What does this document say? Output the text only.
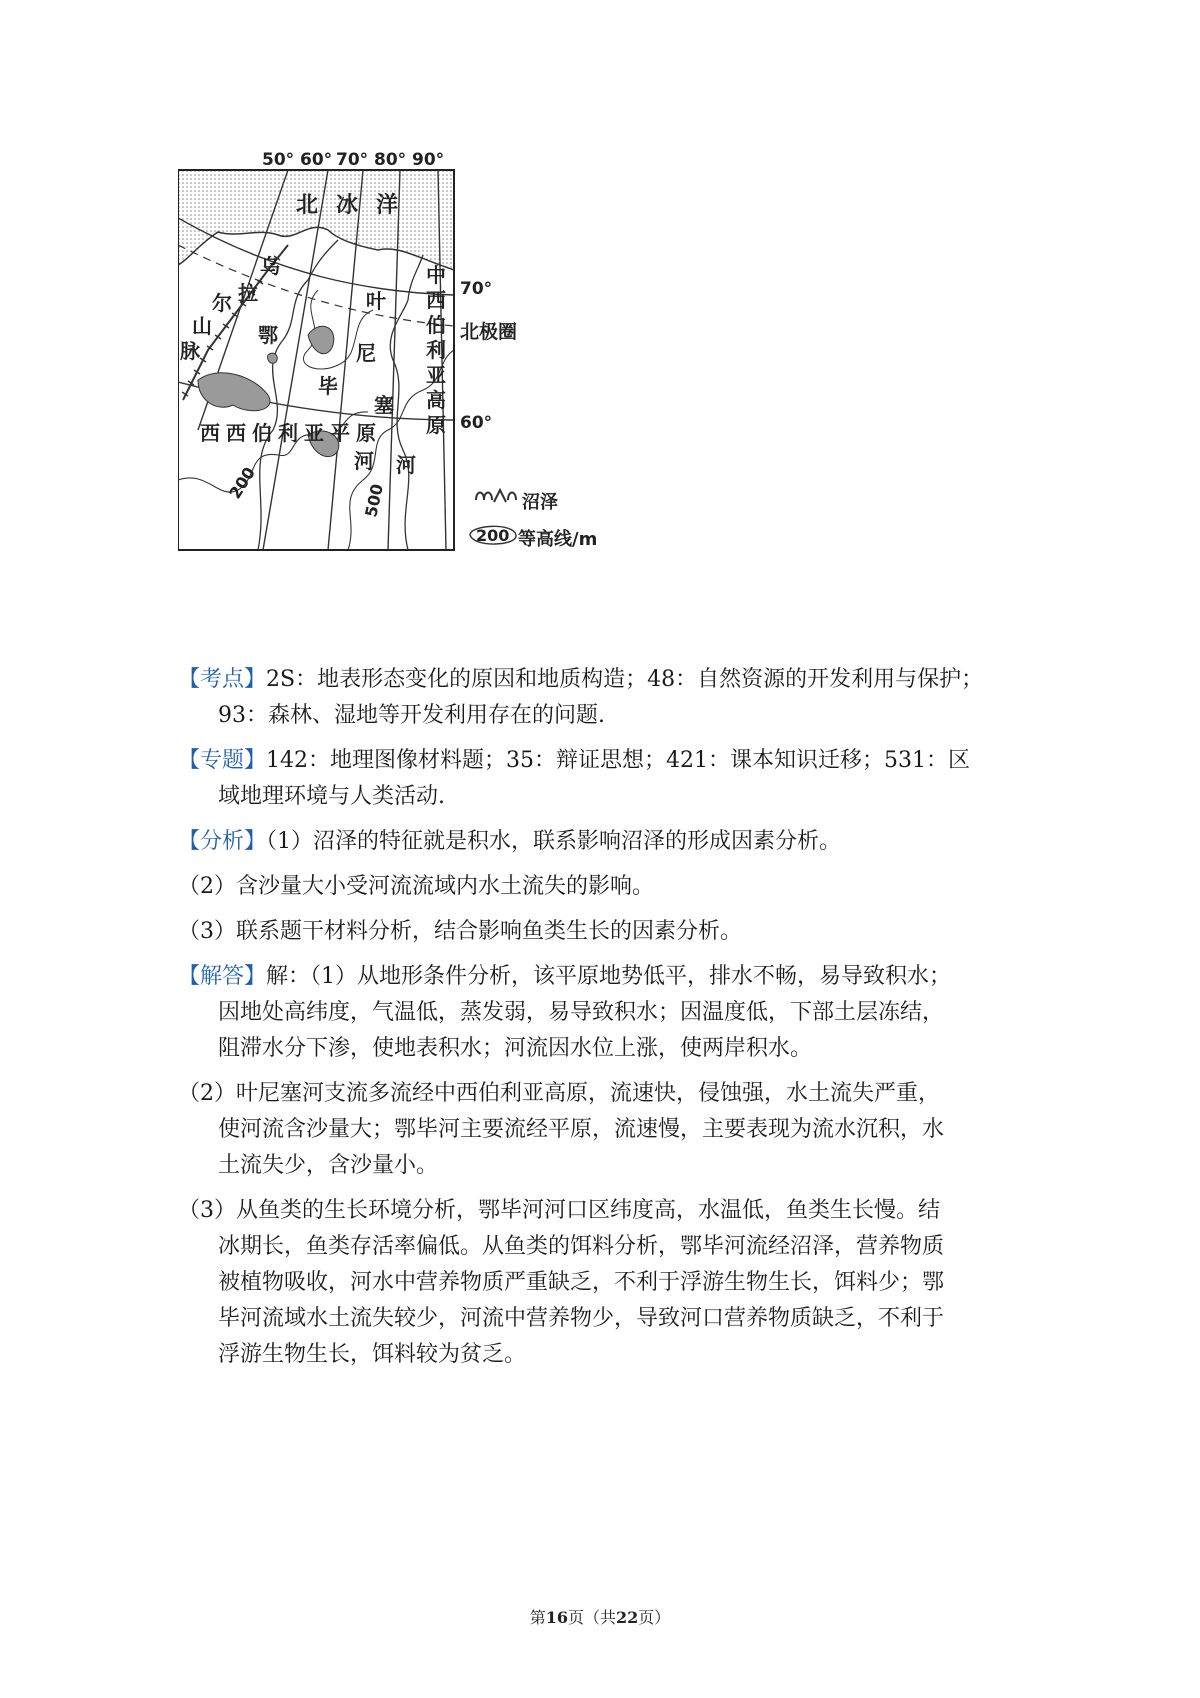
50° 60° 70° 80° 90°
北 冰 洋
乌
拉
尔
山
脉
鄂
毕
叶
尼
塞
中
西
伯
利
亚
高
原
西 西 伯 利 亚 平 原
河 河
200	500
70°
北极圈
60°
沼泽
200 等高线/m
【考点】2S：地表形态变化的原因和地质构造；48：自然资源的开发利用与保护；
93：森林、湿地等开发利用存在的问题.
【专题】142：地理图像材料题；35：辩证思想；421：课本知识迁移；531：区
域地理环境与人类活动.
【分析】（1）沼泽的特征就是积水，联系影响沼泽的形成因素分析。
（2）含沙量大小受河流流域内水土流失的影响。
（3）联系题干材料分析，结合影响鱼类生长的因素分析。
【解答】解：（1）从地形条件分析，该平原地势低平，排水不畅，易导致积水；
因地处高纬度，气温低，蒸发弱，易导致积水；因温度低，下部土层冻结，
阻滞水分下渗，使地表积水；河流因水位上涨，使两岸积水。
（2）叶尼塞河支流多流经中西伯利亚高原，流速快，侵蚀强，水土流失严重，
使河流含沙量大；鄂毕河主要流经平原，流速慢，主要表现为流水沉积，水
土流失少，含沙量小。
（3）从鱼类的生长环境分析，鄂毕河河口区纬度高，水温低，鱼类生长慢。结
冰期长，鱼类存活率偏低。从鱼类的饵料分析，鄂毕河流经沼泽，营养物质
被植物吸收，河水中营养物质严重缺乏，不利于浮游生物生长，饵料少；鄂
毕河流域水土流失较少，河流中营养物少，导致河口营养物质缺乏，不利于
浮游生物生长，饵料较为贫乏。
第16页（共22页）
